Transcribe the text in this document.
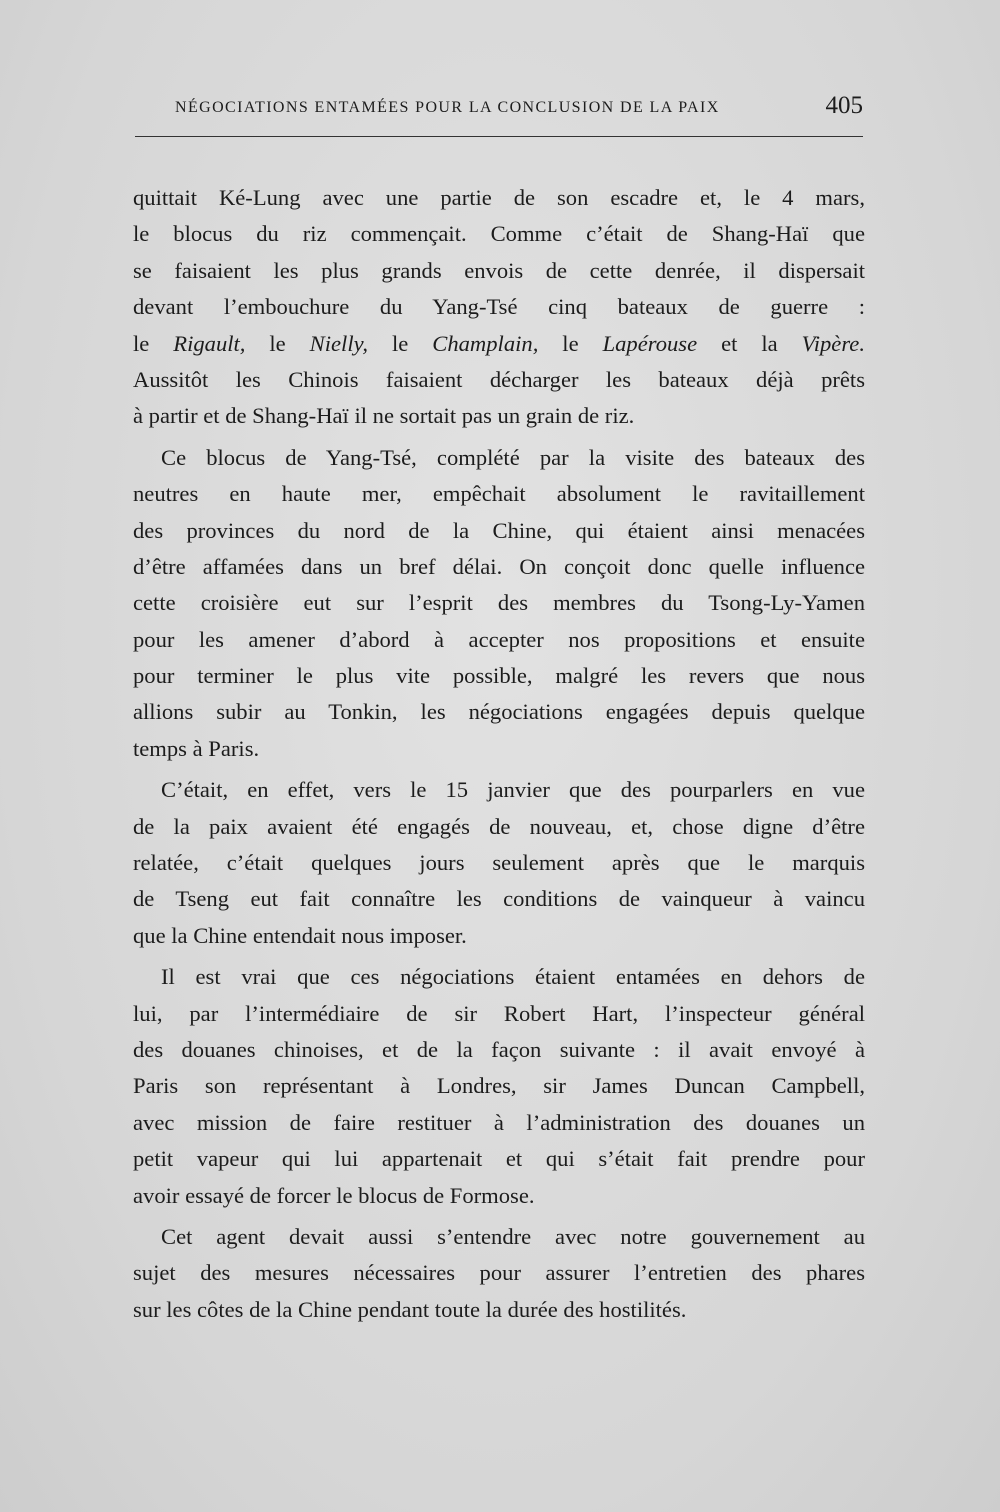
NÉGOCIATIONS ENTAMÉES POUR LA CONCLUSION DE LA PAIX	405
quittait Ké-Lung avec une partie de son escadre et, le 4 mars,
le blocus du riz commençait. Comme c’était de Shang-Haï que
se faisaient les plus grands envois de cette denrée, il dispersait
devant l’embouchure du Yang-Tsé cinq bateaux de guerre :
le Rigault, le Nielly, le Champlain, le Lapérouse et la Vipère.
Aussitôt les Chinois faisaient décharger les bateaux déjà prêts
à partir et de Shang-Haï il ne sortait pas un grain de riz.
Ce blocus de Yang-Tsé, complété par la visite des bateaux des
neutres en haute mer, empêchait absolument le ravitaillement
des provinces du nord de la Chine, qui étaient ainsi menacées
d’être affamées dans un bref délai. On conçoit donc quelle influence
cette croisière eut sur l’esprit des membres du Tsong-Ly-Yamen
pour les amener d’abord à accepter nos propositions et ensuite
pour terminer le plus vite possible, malgré les revers que nous
allions subir au Tonkin, les négociations engagées depuis quelque
temps à Paris.
C’était, en effet, vers le 15 janvier que des pourparlers en vue
de la paix avaient été engagés de nouveau, et, chose digne d’être
relatée, c’était quelques jours seulement après que le marquis
de Tseng eut fait connaître les conditions de vainqueur à vaincu
que la Chine entendait nous imposer.
Il est vrai que ces négociations étaient entamées en dehors de
lui, par l’intermédiaire de sir Robert Hart, l’inspecteur général
des douanes chinoises, et de la façon suivante : il avait envoyé à
Paris son représentant à Londres, sir James Duncan Campbell,
avec mission de faire restituer à l’administration des douanes un
petit vapeur qui lui appartenait et qui s’était fait prendre pour
avoir essayé de forcer le blocus de Formose.
Cet agent devait aussi s’entendre avec notre gouvernement au
sujet des mesures nécessaires pour assurer l’entretien des phares
sur les côtes de la Chine pendant toute la durée des hostilités.
